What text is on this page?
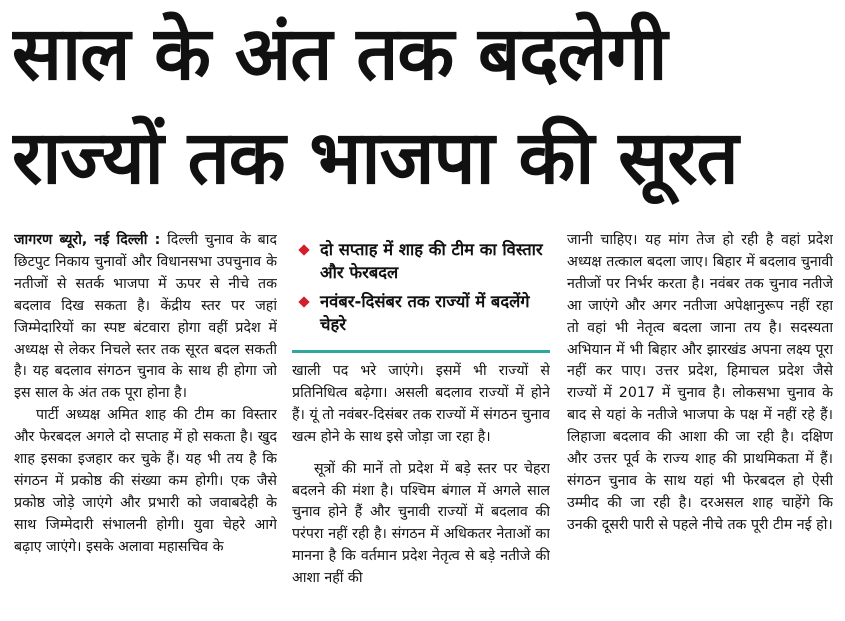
साल के अंत तक बदलेगी
राज्यों तक भाजपा की सूरत

जागरण ब्यूरो, नई दिल्ली : दिल्ली चुनाव के बाद छिटपुट निकाय चुनावों और विधानसभा उपचुनाव के नतीजों से सतर्क भाजपा में ऊपर से नीचे तक बदलाव दिख सकता है। केंद्रीय स्तर पर जहां जिम्मेदारियों का स्पष्ट बंटवारा होगा वहीं प्रदेश में अध्यक्ष से लेकर निचले स्तर तक सूरत बदल सकती है। यह बदलाव संगठन चुनाव के साथ ही होगा जो इस साल के अंत तक पूरा होना है।

पार्टी अध्यक्ष अमित शाह की टीम का विस्तार और फेरबदल अगले दो सप्ताह में हो सकता है। खुद शाह इसका इजहार कर चुके हैं। यह भी तय है कि संगठन में प्रकोष्ठ की संख्या कम होगी। एक जैसे प्रकोष्ठ जोड़े जाएंगे और प्रभारी को जवाबदेही के साथ जिम्मेदारी संभालनी होगी। युवा चेहरे आगे बढ़ाए जाएंगे। इसके अलावा महासचिव के

दो सप्ताह में शाह की टीम का विस्तार और फेरबदल
नवंबर-दिसंबर तक राज्यों में बदलेंगे चेहरे

खाली पद भरे जाएंगे। इसमें भी राज्यों से प्रतिनिधित्व बढ़ेगा। असली बदलाव राज्यों में होने हैं। यूं तो नवंबर-दिसंबर तक राज्यों में संगठन चुनाव खत्म होने के साथ इसे जोड़ा जा रहा है।

सूत्रों की मानें तो प्रदेश में बड़े स्तर पर चेहरा बदलने की मंशा है। पश्चिम बंगाल में अगले साल चुनाव होने हैं और चुनावी राज्यों में बदलाव की परंपरा नहीं रही है। संगठन में अधिकतर नेताओं का मानना है कि वर्तमान प्रदेश नेतृत्व से बड़े नतीजे की आशा नहीं की

जानी चाहिए। यह मांग तेज हो रही है वहां प्रदेश अध्यक्ष तत्काल बदला जाए। बिहार में बदलाव चुनावी नतीजों पर निर्भर करता है। नवंबर तक चुनाव नतीजे आ जाएंगे और अगर नतीजा अपेक्षानुरूप नहीं रहा तो वहां भी नेतृत्व बदला जाना तय है। सदस्यता अभियान में भी बिहार और झारखंड अपना लक्ष्य पूरा नहीं कर पाए। उत्तर प्रदेश, हिमाचल प्रदेश जैसे राज्यों में 2017 में चुनाव है। लोकसभा चुनाव के बाद से यहां के नतीजे भाजपा के पक्ष में नहीं रहे हैं। लिहाजा बदलाव की आशा की जा रही है। दक्षिण और उत्तर पूर्व के राज्य शाह की प्राथमिकता में हैं। संगठन चुनाव के साथ यहां भी फेरबदल हो ऐसी उम्मीद की जा रही है। दरअसल शाह चाहेंगे कि उनकी दूसरी पारी से पहले नीचे तक पूरी टीम नई हो।
